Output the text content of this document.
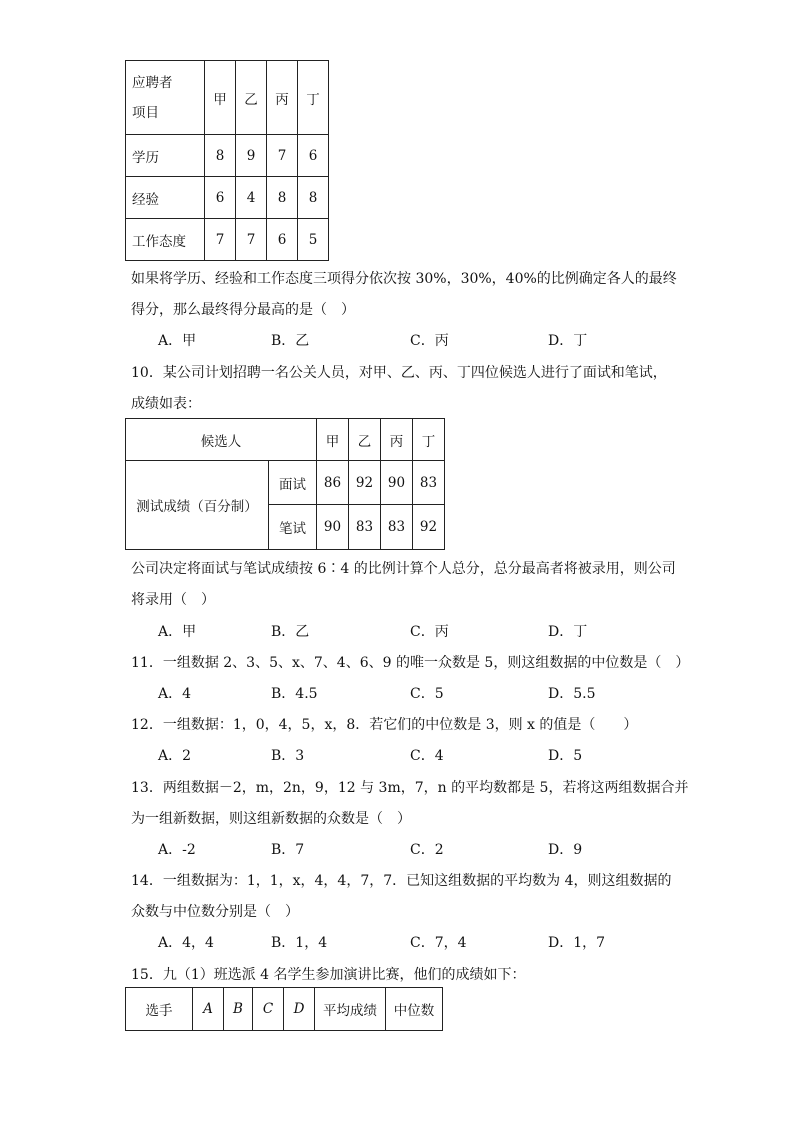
应聘者
项目	甲	乙	丙	丁
学历	8	9	7	6
经验	6	4	8	8
工作态度	7	7	6	5
如果将学历、经验和工作态度三项得分依次按 30%，30%，40%的比例确定各人的最终
得分，那么最终得分最高的是（　）
A．甲	B．乙	C．丙	D．丁
10．某公司计划招聘一名公关人员，对甲、乙、丙、丁四位候选人进行了面试和笔试，
成绩如表：
候选人		甲	乙	丙	丁
测试成绩（百分制）	面试	86	92	90	83
	笔试	90	83	83	92
公司决定将面试与笔试成绩按 6∶4 的比例计算个人总分，总分最高者将被录用，则公司
将录用（　）
A．甲	B．乙	C．丙	D．丁
11．一组数据 2、3、5、x、7、4、6、9 的唯一众数是 5，则这组数据的中位数是（　）
A．4	B．4.5	C．5	D．5.5
12．一组数据：1，0，4，5，x，8．若它们的中位数是 3，则 x 的值是（　　）
A．2	B．3	C．4	D．5
13．两组数据－2，m，2n，9，12 与 3m，7，n 的平均数都是 5，若将这两组数据合并
为一组新数据，则这组新数据的众数是（　）
A．-2	B．7	C．2	D．9
14．一组数据为：1，1，x，4，4，7，7．已知这组数据的平均数为 4，则这组数据的
众数与中位数分别是（　）
A．4，4	B．1，4	C．7，4	D．1，7
15．九（1）班选派 4 名学生参加演讲比赛，他们的成绩如下：
选手	A	B	C	D	平均成绩	中位数
